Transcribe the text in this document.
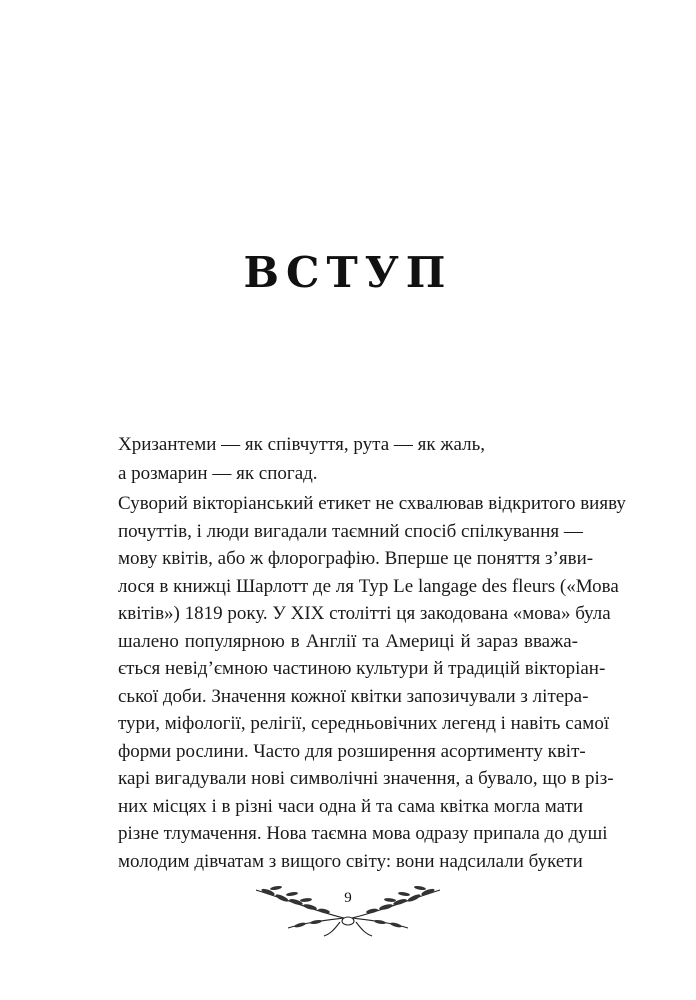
ВСТУП
Хризантеми — як співчуття, рута — як жаль,
а розмарин — як спогад.
Суворий вікторіанський етикет не схвалював відкритого вияву
почуттів, і люди вигадали таємний спосіб спілкування —
мову квітів, або ж флорографію. Вперше це поняття з’яви-
лося в книжці Шарлотт де ля Тур Le langage des fleurs («Мова
квітів») 1819 року. У XIX столітті ця закодована «мова» була
шалено популярною в Англії та Америці й зараз вважа-
ється невід’ємною частиною культури й традицій вікторіан-
ської доби. Значення кожної квітки запозичували з літера-
тури, міфології, релігії, середньовічних легенд і навіть самої
форми рослини. Часто для розширення асортименту квіт-
карі вигадували нові символічні значення, а бувало, що в різ-
них місцях і в різні часи одна й та сама квітка могла мати
різне тлумачення. Нова таємна мова одразу припала до душі
молодим дівчатам з вищого світу: вони надсилали букети
9
